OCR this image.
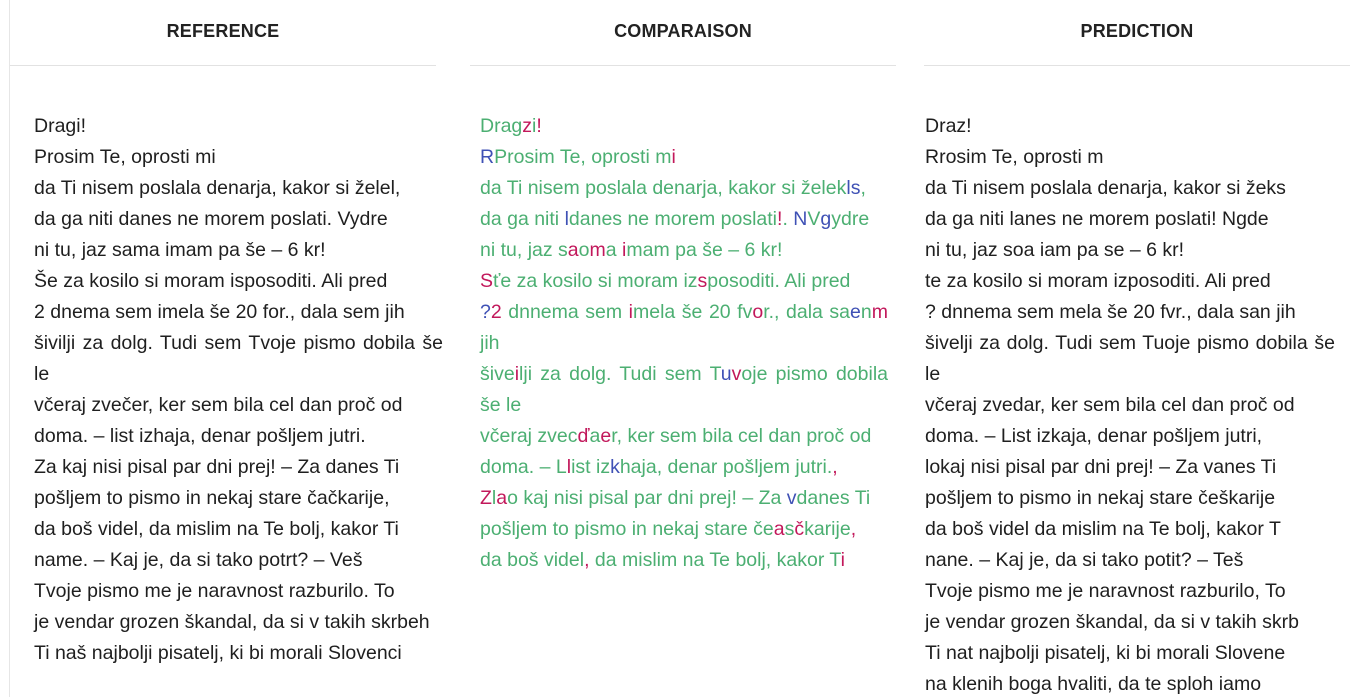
REFERENCE
Dragi!
Prosim Te, oprosti mi
da Ti nisem poslala denarja, kakor si želel,
da ga niti danes ne morem poslati. Vydre
ni tu, jaz sama imam pa še – 6 kr!
Še za kosilo si moram isposoditi. Ali pred
2 dnema sem imela še 20 for., dala sem jih
šivilji za dolg. Tudi sem Tvoje pismo dobila še le
včeraj zvečer, ker sem bila cel dan proč od
doma. – list izhaja, denar pošljem jutri.
Za kaj nisi pisal par dni prej! – Za danes Ti
pošljem to pismo in nekaj stare čačkarije,
da boš videl, da mislim na Te bolj, kakor Ti
name. – Kaj je, da si tako potrt? – Veš
Tvoje pismo me je naravnost razburilo. To
je vendar grozen škandal, da si v takih skrbeh
Ti naš najbolji pisatelj, ki bi morali Slovenci
COMPARAISON
Dragzi!
RProsim Te, oprosti mi
da Ti nisem poslala denarja, kakor si želekls,
da ga niti ldanes ne morem poslati!. NVgydre
ni tu, jaz saoma imam pa še – 6 kr!
Sťe za kosilo si moram izsposoditi. Ali pred
?2 dnnema sem imela še 20 fvor., dala saenm jih
šiveilji za dolg. Tudi sem Tuvoje pismo dobila še le
včeraj zvecďaer, ker sem bila cel dan proč od
doma. – Llist izkhaja, denar pošljem jutri.,
Zlao kaj nisi pisal par dni prej! – Za vdanes Ti
pošljem to pismo in nekaj stare čeasčkarije,
da boš videl, da mislim na Te bolj, kakor Ti
PREDICTION
Draz!
Rrosim Te, oprosti m
da Ti nisem poslala denarja, kakor si žeks
da ga niti lanes ne morem poslati! Ngde
ni tu, jaz soa iam pa se – 6 kr!
te za kosilo si moram izposoditi. Ali pred
? dnnema sem mela še 20 fvr., dala san jih
šivelji za dolg. Tudi sem Tuoje pismo dobila še le
včeraj zvedar, ker sem bila cel dan proč od
doma. – List izkaja, denar pošljem jutri,
lokaj nisi pisal par dni prej! – Za vanes Ti
pošljem to pismo in nekaj stare češkarije
da boš videl da mislim na Te bolj, kakor T
nane. – Kaj je, da si tako potit? – Teš
Tvoje pismo me je naravnost razburilo, To
je vendar grozen škandal, da si v takih skrb
Ti nat najbolji pisatelj, ki bi morali Slovene
na klenih boga hvaliti, da te sploh iamo
